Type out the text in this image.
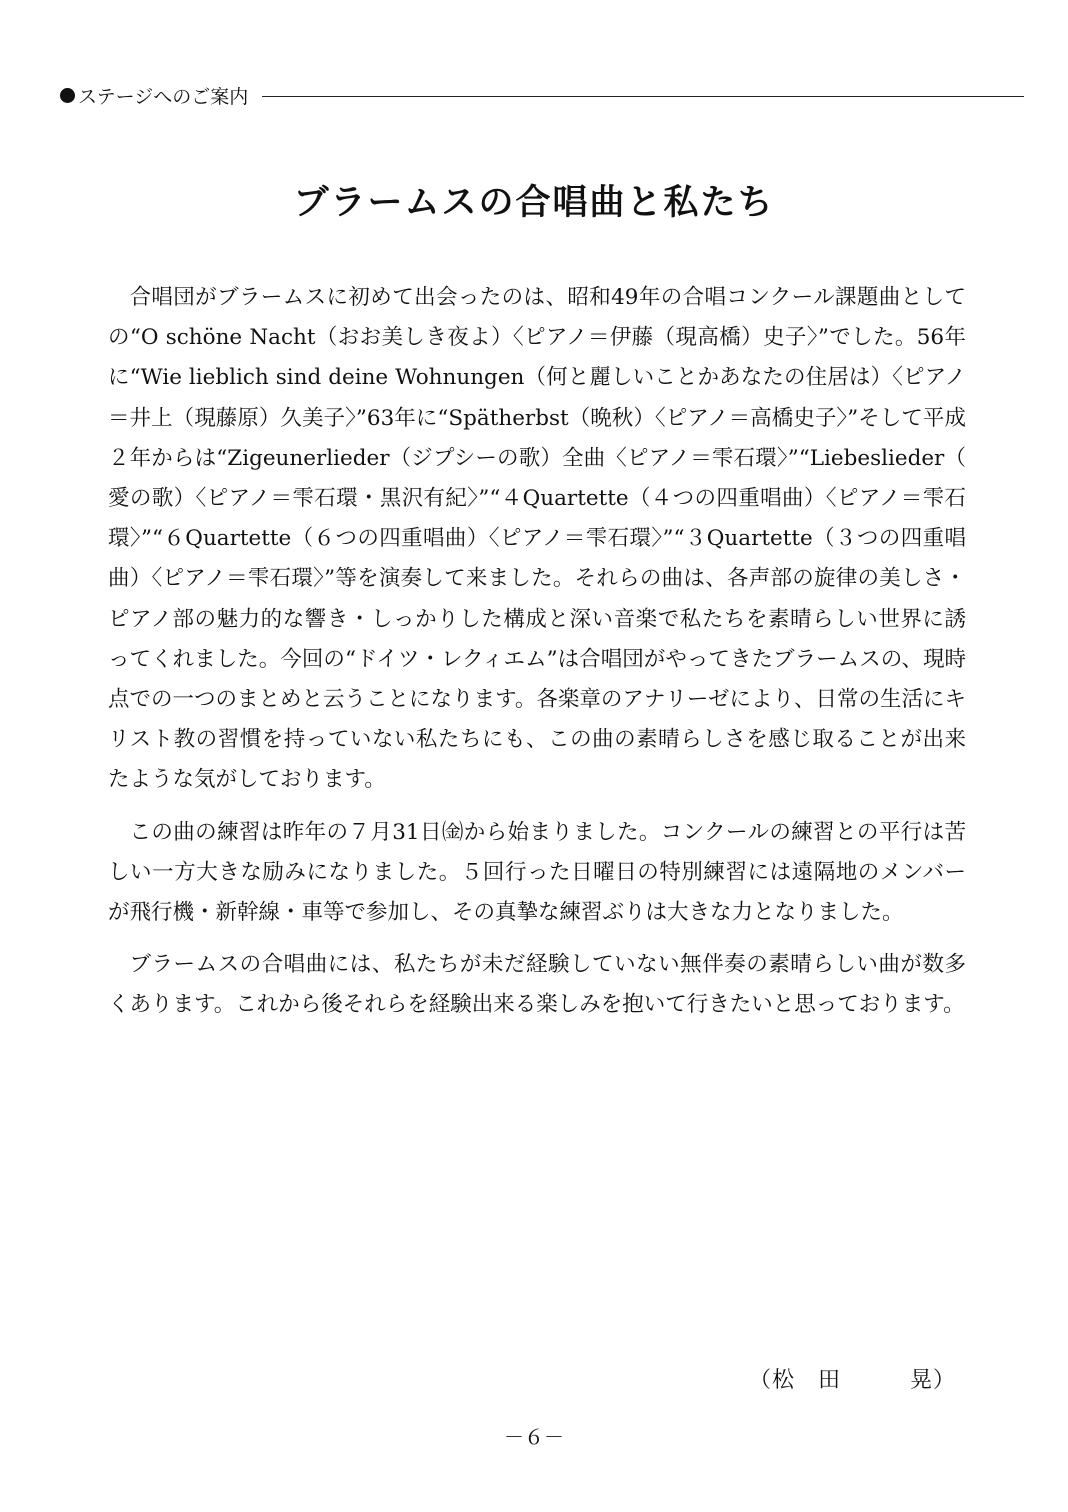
ステージへのご案内
ブラームスの合唱曲と私たち

合唱団がブラームスに初めて出会ったのは、昭和49年の合唱コンクール課題曲としての“O schöne Nacht（おお美しき夜よ）〈ピアノ＝伊藤（現高橋）史子〉”でした。56年に“Wie lieblich sind deine Wohnungen（何と麗しいことかあなたの住居は）〈ピアノ＝井上（現藤原）久美子〉”63年に“Spätherbst（晩秋）〈ピアノ＝高橋史子〉”そして平成２年からは“Zigeunerlieder（ジプシーの歌）全曲〈ピアノ＝雫石環〉”“Liebeslieder（愛の歌）〈ピアノ＝雫石環・黒沢有紀〉”“４Quartette（４つの四重唱曲）〈ピアノ＝雫石環〉”“６Quartette（６つの四重唱曲）〈ピアノ＝雫石環〉”“３Quartette（３つの四重唱曲）〈ピアノ＝雫石環〉”等を演奏して来ました。それらの曲は、各声部の旋律の美しさ・ピアノ部の魅力的な響き・しっかりした構成と深い音楽で私たちを素晴らしい世界に誘ってくれました。今回の“ドイツ・レクィエム”は合唱団がやってきたブラームスの、現時点での一つのまとめと云うことになります。各楽章のアナリーゼにより、日常の生活にキリスト教の習慣を持っていない私たちにも、この曲の素晴らしさを感じ取ることが出来たような気がしております。

この曲の練習は昨年の７月31日㈮から始まりました。コンクールの練習との平行は苦しい一方大きな励みになりました。５回行った日曜日の特別練習には遠隔地のメンバーが飛行機・新幹線・車等で参加し、その真摯な練習ぶりは大きな力となりました。

ブラームスの合唱曲には、私たちが未だ経験していない無伴奏の素晴らしい曲が数多くあります。これから後それらを経験出来る楽しみを抱いて行きたいと思っております。

（松　田　　　晃）
－６－
